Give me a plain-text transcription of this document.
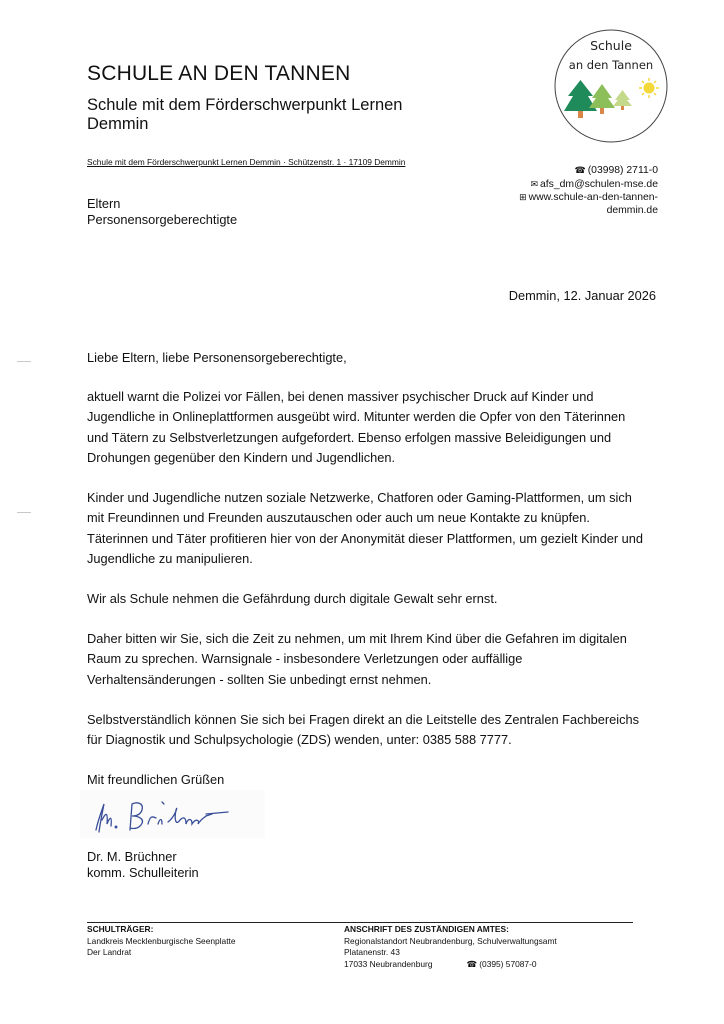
SCHULE AN DEN TANNEN
Schule mit dem Förderschwerpunkt Lernen
Demmin
Schule mit dem Förderschwerpunkt Lernen Demmin · Schützenstr. 1 · 17109 Demmin
Schule
an den Tannen
☎ (03998) 2711-0
✉ afs_dm@schulen-mse.de
⊞ www.schule-an-den-tannen-
demmin.de
Eltern
Personensorgeberechtigte
Demmin, 12. Januar 2026
Liebe Eltern, liebe Personensorgeberechtigte,
aktuell warnt die Polizei vor Fällen, bei denen massiver psychischer Druck auf Kinder und Jugendliche in Onlineplattformen ausgeübt wird. Mitunter werden die Opfer von den Täterinnen und Tätern zu Selbstverletzungen aufgefordert. Ebenso erfolgen massive Beleidigungen und Drohungen gegenüber den Kindern und Jugendlichen.
Kinder und Jugendliche nutzen soziale Netzwerke, Chatforen oder Gaming-Plattformen, um sich mit Freundinnen und Freunden auszutauschen oder auch um neue Kontakte zu knüpfen. Täterinnen und Täter profitieren hier von der Anonymität dieser Plattformen, um gezielt Kinder und Jugendliche zu manipulieren.
Wir als Schule nehmen die Gefährdung durch digitale Gewalt sehr ernst.
Daher bitten wir Sie, sich die Zeit zu nehmen, um mit Ihrem Kind über die Gefahren im digitalen Raum zu sprechen. Warnsignale - insbesondere Verletzungen oder auffällige Verhaltensänderungen - sollten Sie unbedingt ernst nehmen.
Selbstverständlich können Sie sich bei Fragen direkt an die Leitstelle des Zentralen Fachbereichs für Diagnostik und Schulpsychologie (ZDS) wenden, unter: 0385 588 7777.
Mit freundlichen Grüßen
Dr. M. Brüchner
komm. Schulleiterin
SCHULTRÄGER:
Landkreis Mecklenburgische Seenplatte
Der Landrat
ANSCHRIFT DES ZUSTÄNDIGEN AMTES:
Regionalstandort Neubrandenburg, Schulverwaltungsamt
Platanenstr. 43
17033 Neubrandenburg	☎ (0395) 57087-0
